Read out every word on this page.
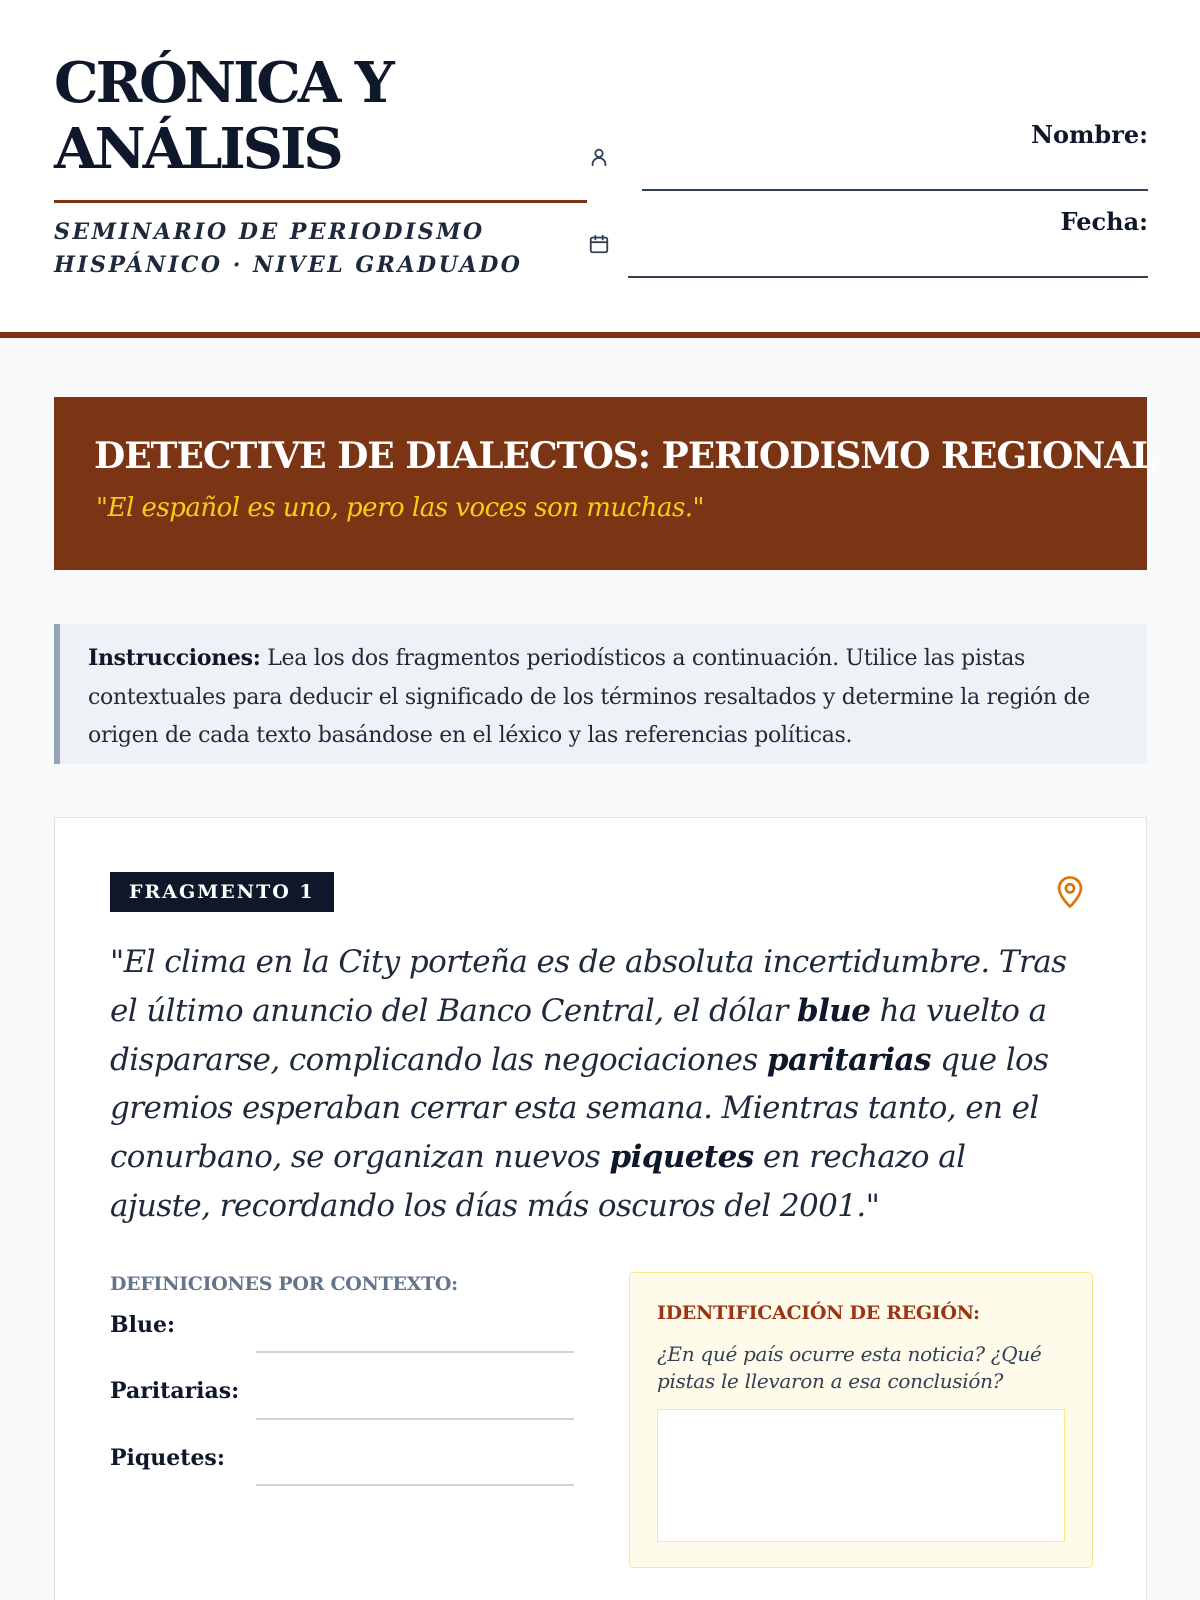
CRÓNICA Y
ANÁLISIS
SEMINARIO DE PERIODISMO
HISPÁNICO · NIVEL GRADUADO
Nombre:
Fecha:
DETECTIVE DE DIALECTOS: PERIODISMO REGIONAL
"El español es uno, pero las voces son muchas."
Instrucciones: Lea los dos fragmentos periodísticos a continuación. Utilice las pistas contextuales para deducir el significado de los términos resaltados y determine la región de origen de cada texto basándose en el léxico y las referencias políticas.
FRAGMENTO 1
"El clima en la City porteña es de absoluta incertidumbre. Tras el último anuncio del Banco Central, el dólar blue ha vuelto a dispararse, complicando las negociaciones paritarias que los gremios esperaban cerrar esta semana. Mientras tanto, en el conurbano, se organizan nuevos piquetes en rechazo al ajuste, recordando los días más oscuros del 2001."
DEFINICIONES POR CONTEXTO:
Blue:
Paritarias:
Piquetes:
IDENTIFICACIÓN DE REGIÓN:
¿En qué país ocurre esta noticia? ¿Qué pistas le llevaron a esa conclusión?
